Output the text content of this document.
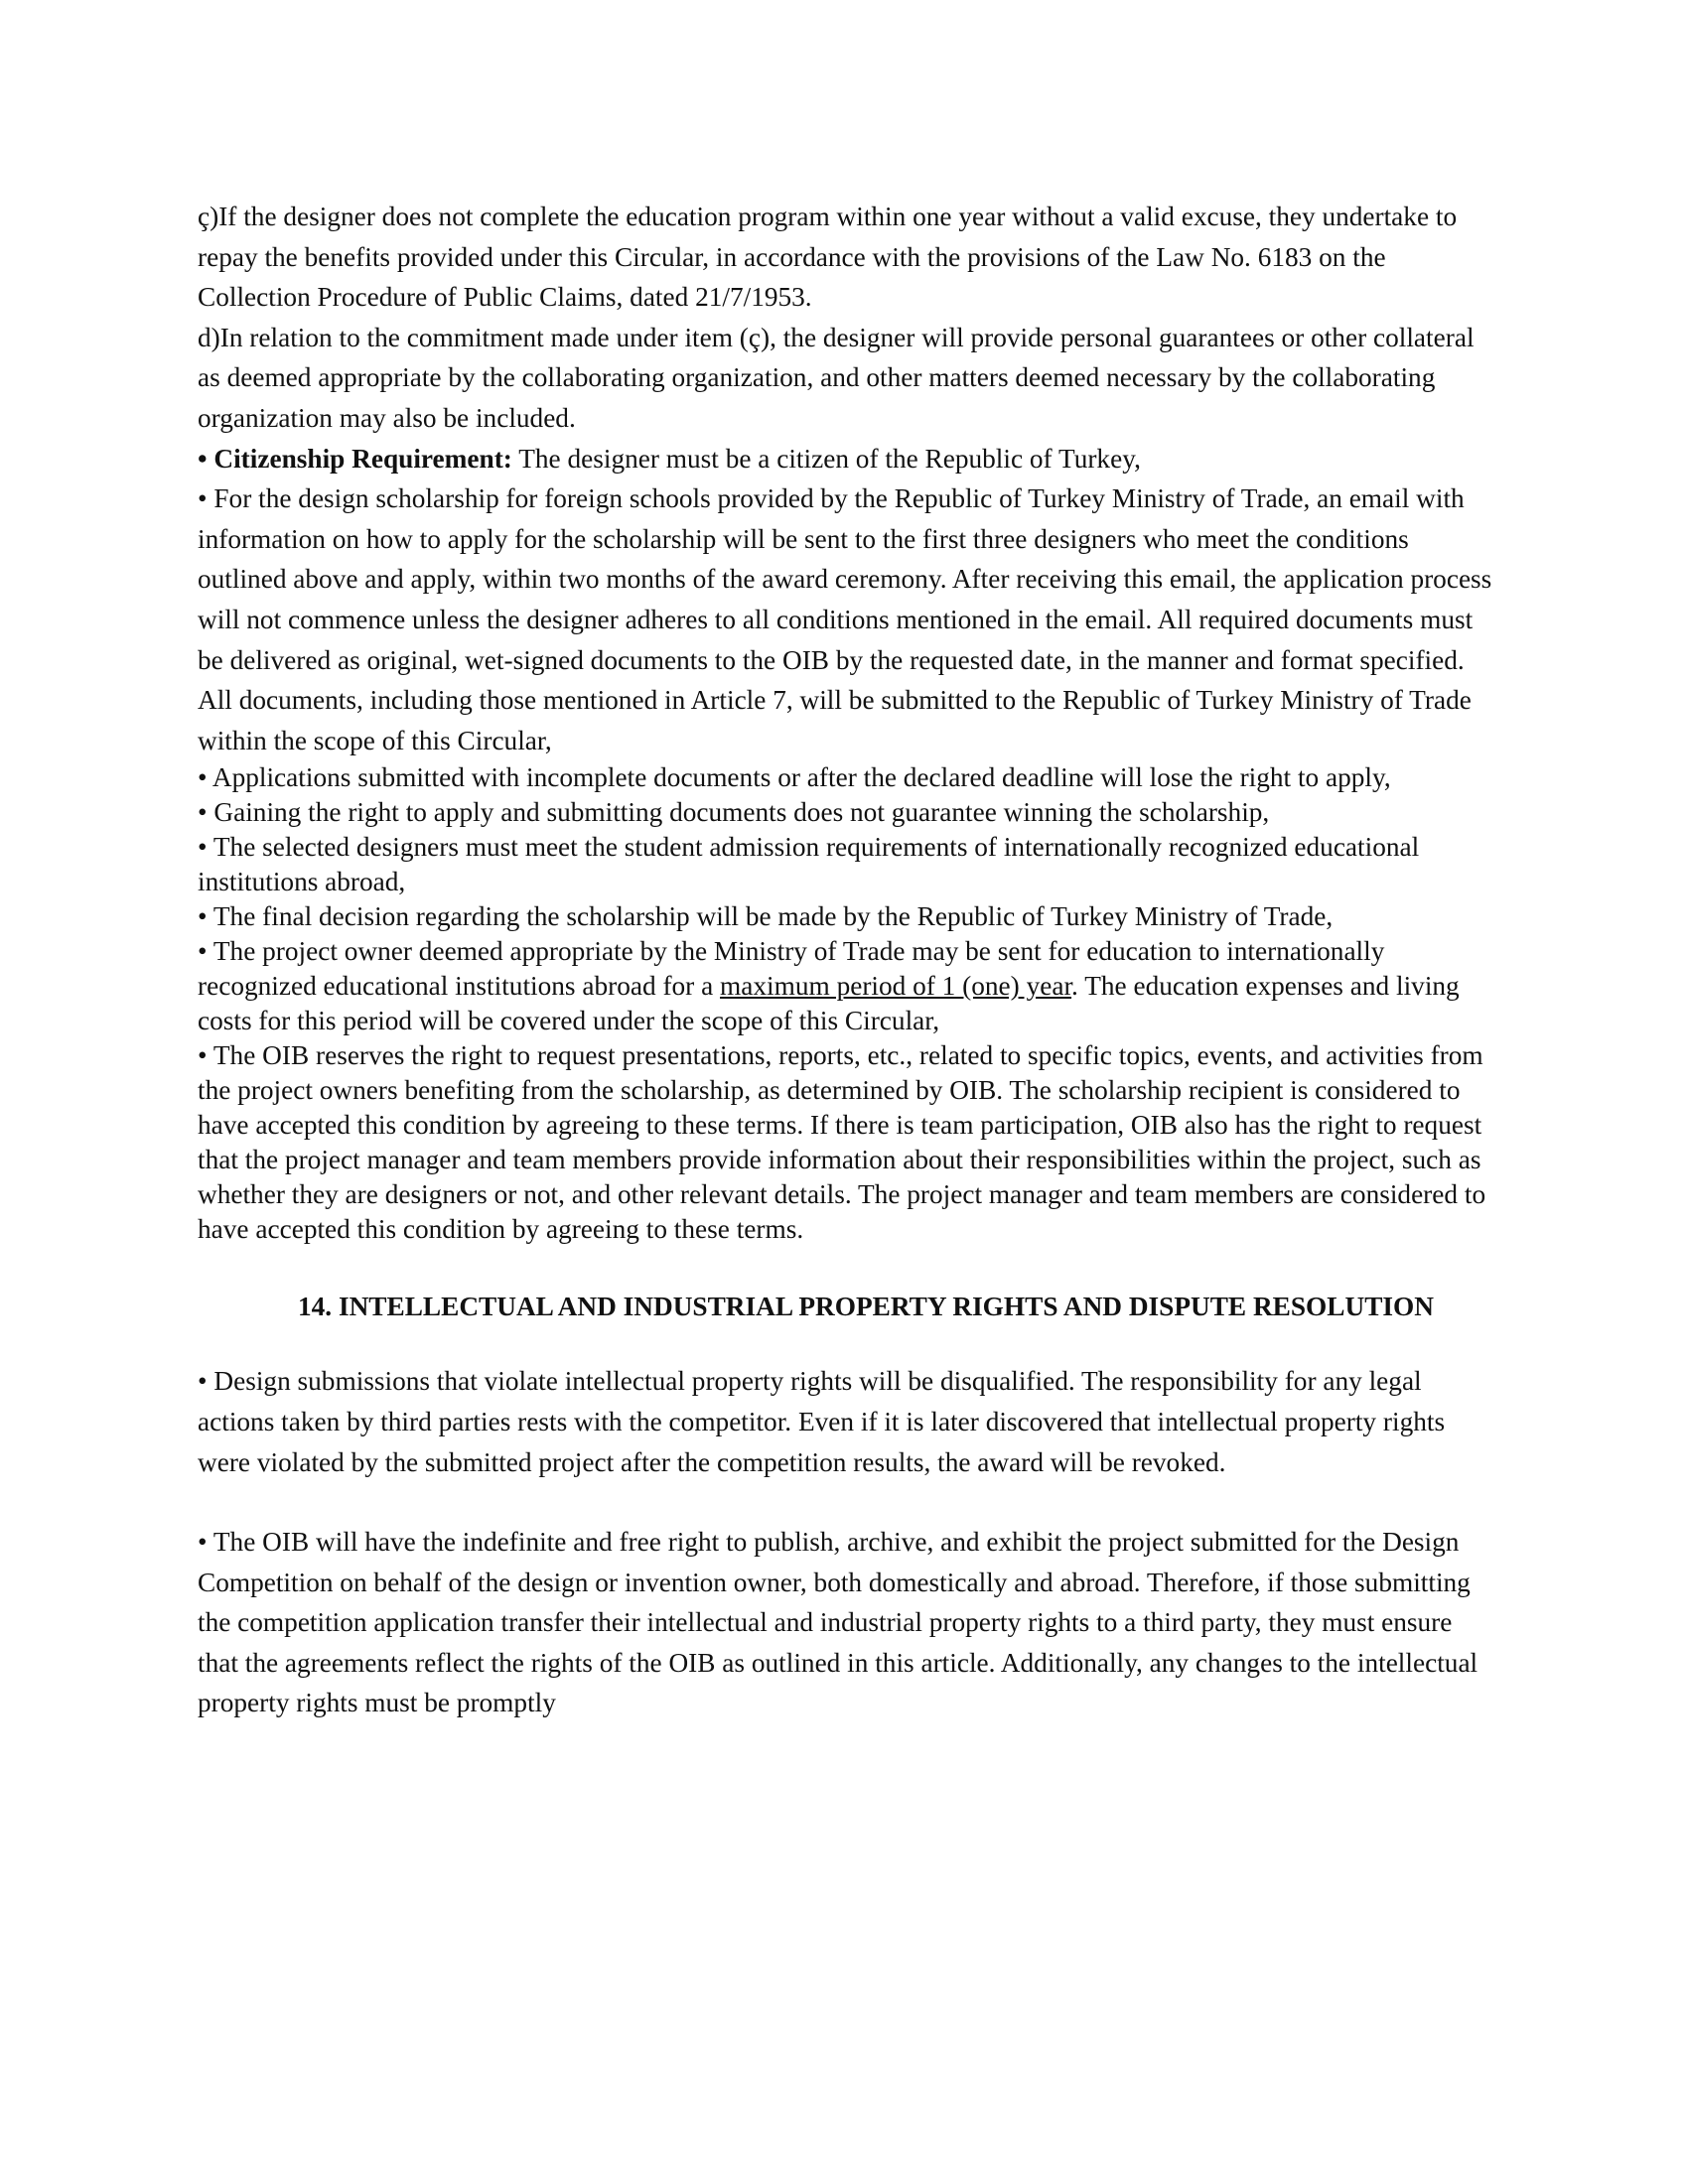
ç)If the designer does not complete the education program within one year without a valid excuse, they undertake to repay the benefits provided under this Circular, in accordance with the provisions of the Law No. 6183 on the Collection Procedure of Public Claims, dated 21/7/1953.

d)In relation to the commitment made under item (ç), the designer will provide personal guarantees or other collateral as deemed appropriate by the collaborating organization, and other matters deemed necessary by the collaborating organization may also be included.

• Citizenship Requirement: The designer must be a citizen of the Republic of Turkey,

• For the design scholarship for foreign schools provided by the Republic of Turkey Ministry of Trade, an email with information on how to apply for the scholarship will be sent to the first three designers who meet the conditions outlined above and apply, within two months of the award ceremony. After receiving this email, the application process will not commence unless the designer adheres to all conditions mentioned in the email. All required documents must be delivered as original, wet-signed documents to the OIB by the requested date, in the manner and format specified. All documents, including those mentioned in Article 7, will be submitted to the Republic of Turkey Ministry of Trade within the scope of this Circular,

• Applications submitted with incomplete documents or after the declared deadline will lose the right to apply,

• Gaining the right to apply and submitting documents does not guarantee winning the scholarship,

• The selected designers must meet the student admission requirements of internationally recognized educational institutions abroad,

• The final decision regarding the scholarship will be made by the Republic of Turkey Ministry of Trade,

• The project owner deemed appropriate by the Ministry of Trade may be sent for education to internationally recognized educational institutions abroad for a maximum period of 1 (one) year. The education expenses and living costs for this period will be covered under the scope of this Circular,

• The OIB reserves the right to request presentations, reports, etc., related to specific topics, events, and activities from the project owners benefiting from the scholarship, as determined by OIB. The scholarship recipient is considered to have accepted this condition by agreeing to these terms. If there is team participation, OIB also has the right to request that the project manager and team members provide information about their responsibilities within the project, such as whether they are designers or not, and other relevant details. The project manager and team members are considered to have accepted this condition by agreeing to these terms.

14. INTELLECTUAL AND INDUSTRIAL PROPERTY RIGHTS AND DISPUTE RESOLUTION

• Design submissions that violate intellectual property rights will be disqualified. The responsibility for any legal actions taken by third parties rests with the competitor. Even if it is later discovered that intellectual property rights were violated by the submitted project after the competition results, the award will be revoked.

• The OIB will have the indefinite and free right to publish, archive, and exhibit the project submitted for the Design Competition on behalf of the design or invention owner, both domestically and abroad. Therefore, if those submitting the competition application transfer their intellectual and industrial property rights to a third party, they must ensure that the agreements reflect the rights of the OIB as outlined in this article. Additionally, any changes to the intellectual property rights must be promptly
